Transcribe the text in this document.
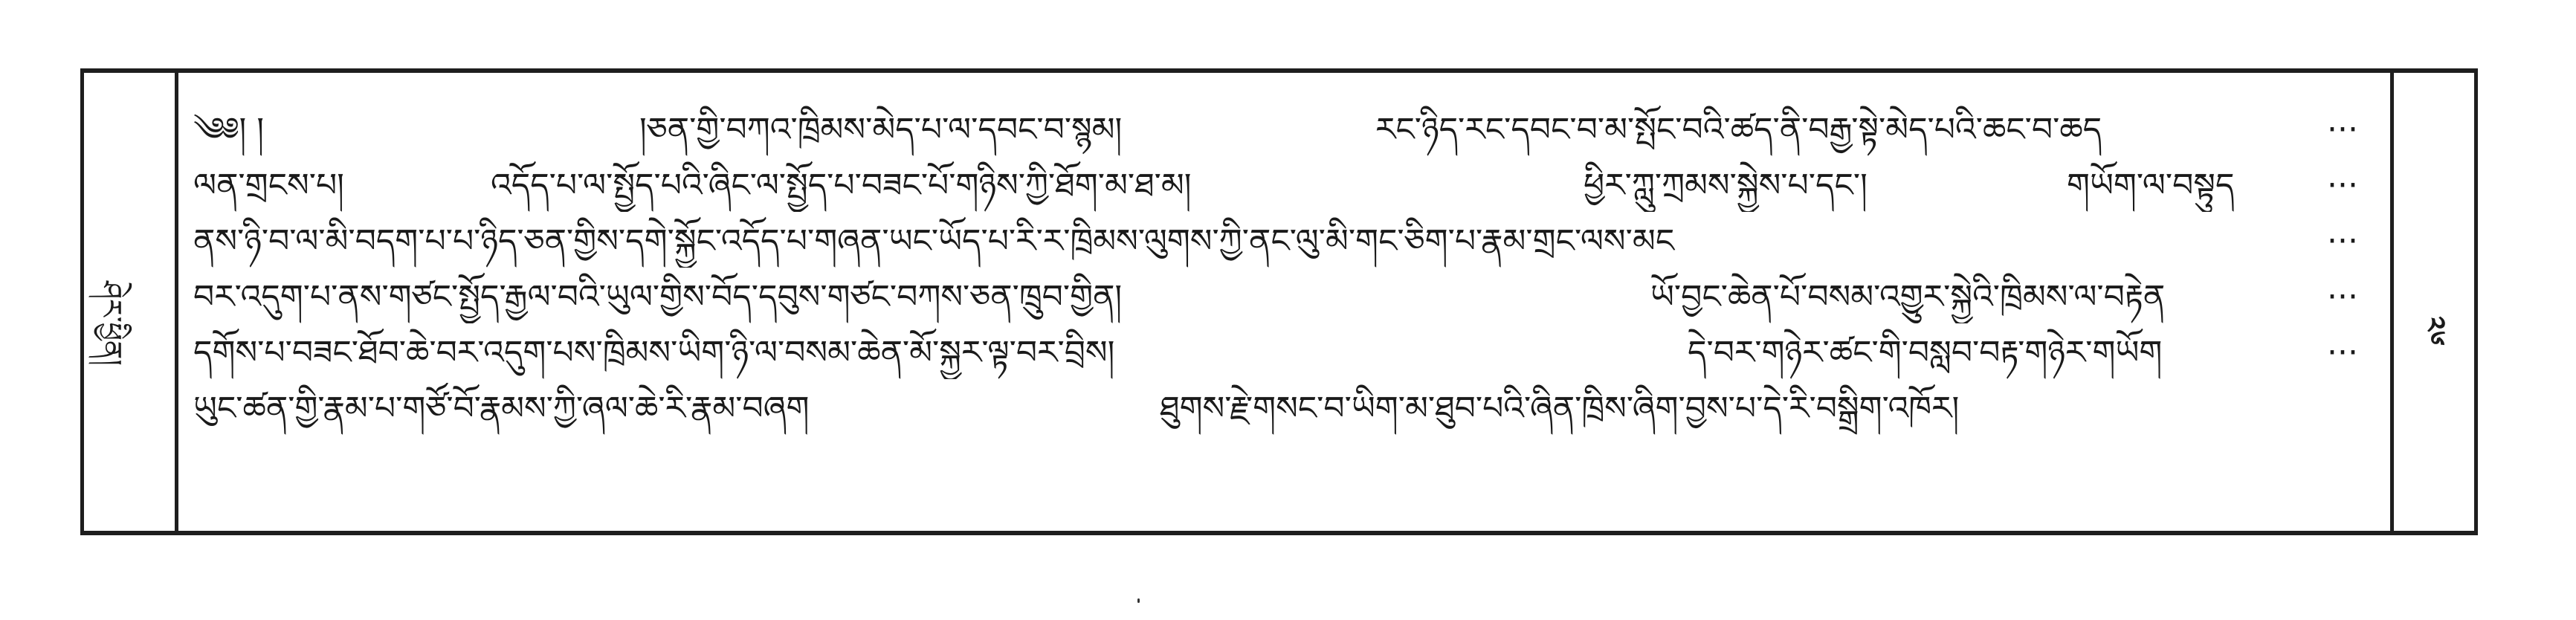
ཤེར་ཕྱིན།	༢༦
༄༅། །	།ཅན་གྱི་བཀའ་ཁྲིམས་མེད་པ་ལ་དབང་བ་སྙམ།	རང་ཉིད་རང་དབང་བ་མ་སྤོང་བའི་ཚད་ནི་བརྒྱ་སྟེ་མེད་པའི་ཆང་བ་ཆད	···
ལན་གྲངས་པ།	འདོད་པ་ལ་སྤྱོད་པའི་ཞིང་ལ་སྤྱོད་པ་བཟང་པོ་གཉིས་ཀྱི་ཐོག་མ་ཐ་མ།	ཕྱིར་ཀླུ་ཀྲམས་སྐྱེས་པ་དང་།	གཡོག་ལ་བསྟུད	···
ནས་ཉི་བ་ལ་མི་བདག་པ་པ་ཉིད་ཅན་གྱིས་དགེ་སྐྱོང་འདོད་པ་གཞན་ཡང་ཡོད་པ་རི་ར་ཁྲིམས་ལུགས་ཀྱི་ནང་ལུ་མི་གང་ཅིག་པ་རྣམ་གྲང་ལས་མང	···
བར་འདུག་པ་ནས་གཙང་སྤྱོད་རྒྱལ་བའི་ཡུལ་གྱིས་བོད་དབུས་གཙང་བཀས་ཅན་ཁྲུབ་གྱིན།	ཡོ་བྱང་ཆེན་པོ་བསམ་འགྱུར་སྐྱེའི་ཁྲིམས་ལ་བརྟེན	···
དགོས་པ་བཟང་ཐོབ་ཆེ་བར་འདུག་པས་ཁྲིམས་ཡིག་ཉི་ལ་བསམ་ཆེན་མོ་སྐྱར་ལྟ་བར་བྲིས།	དེ་བར་གཉེར་ཚང་གི་བསླབ་བརྟ་གཉེར་གཡོག	···
ཡུང་ཚན་གྱི་རྣམ་པ་གཙོ་བོ་རྣམས་ཀྱི་ཞལ་ཆེ་རི་རྣམ་བཞག	ཐུགས་རྗེ་གསང་བ་ཡིག་མ་ཐུབ་པའི་ཞིན་ཁྲིས་ཞིག་བྱས་པ་དེ་རི་བསྒྲིག་འཁོར།
